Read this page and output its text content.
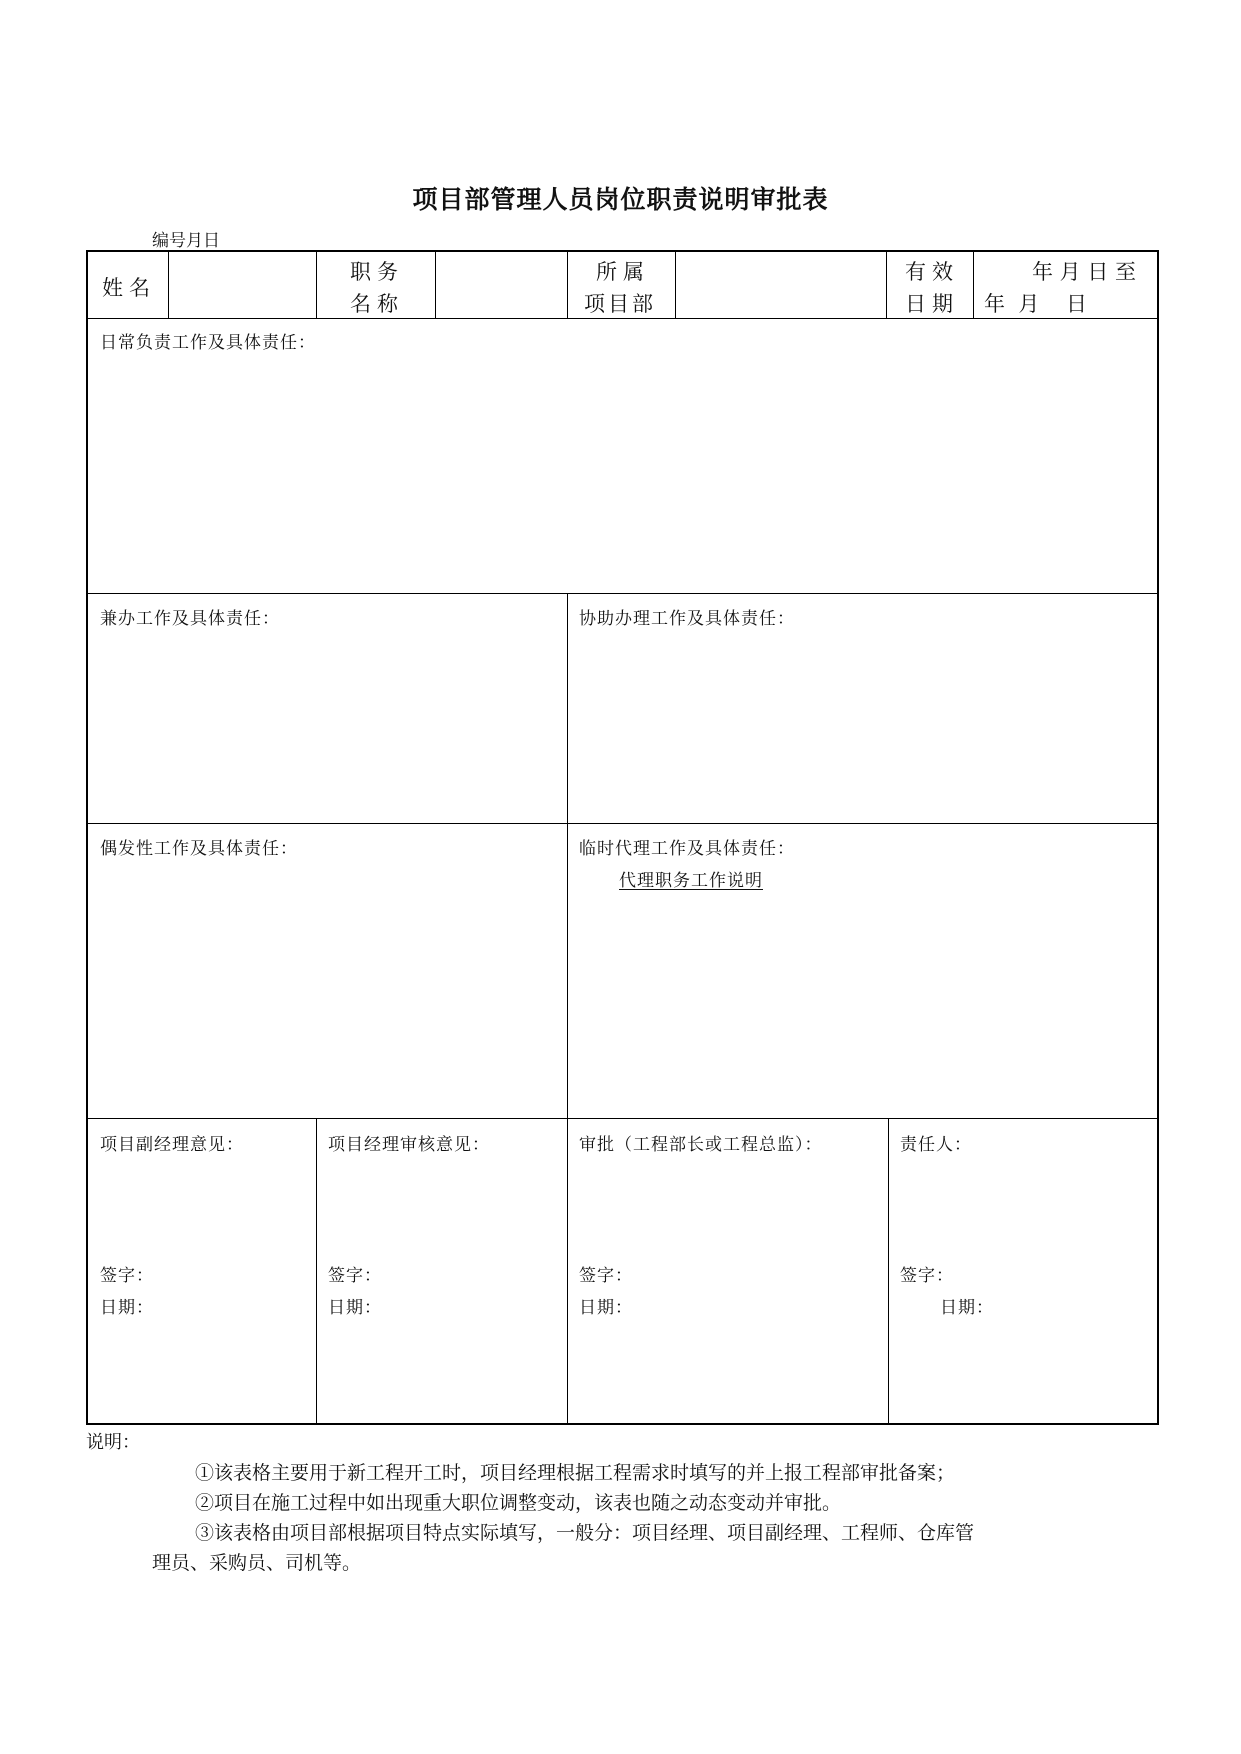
项目部管理人员岗位职责说明审批表
编号月日
姓名
职务
名称
所属
项目部
有效
日期
年 月 日 至
年  月    日
日常负责工作及具体责任：
兼办工作及具体责任：	协助办理工作及具体责任：
偶发性工作及具体责任：	临时代理工作及具体责任：
代理职务工作说明
项目副经理意见：
签字：
日期：
项目经理审核意见：
签字：
日期：
审批（工程部长或工程总监）：
签字：
日期：
责任人：
签字：
日期：
说明：
①该表格主要用于新工程开工时，项目经理根据工程需求时填写的并上报工程部审批备案；
②项目在施工过程中如出现重大职位调整变动，该表也随之动态变动并审批。
③该表格由项目部根据项目特点实际填写，一般分：项目经理、项目副经理、工程师、仓库管
理员、采购员、司机等。
